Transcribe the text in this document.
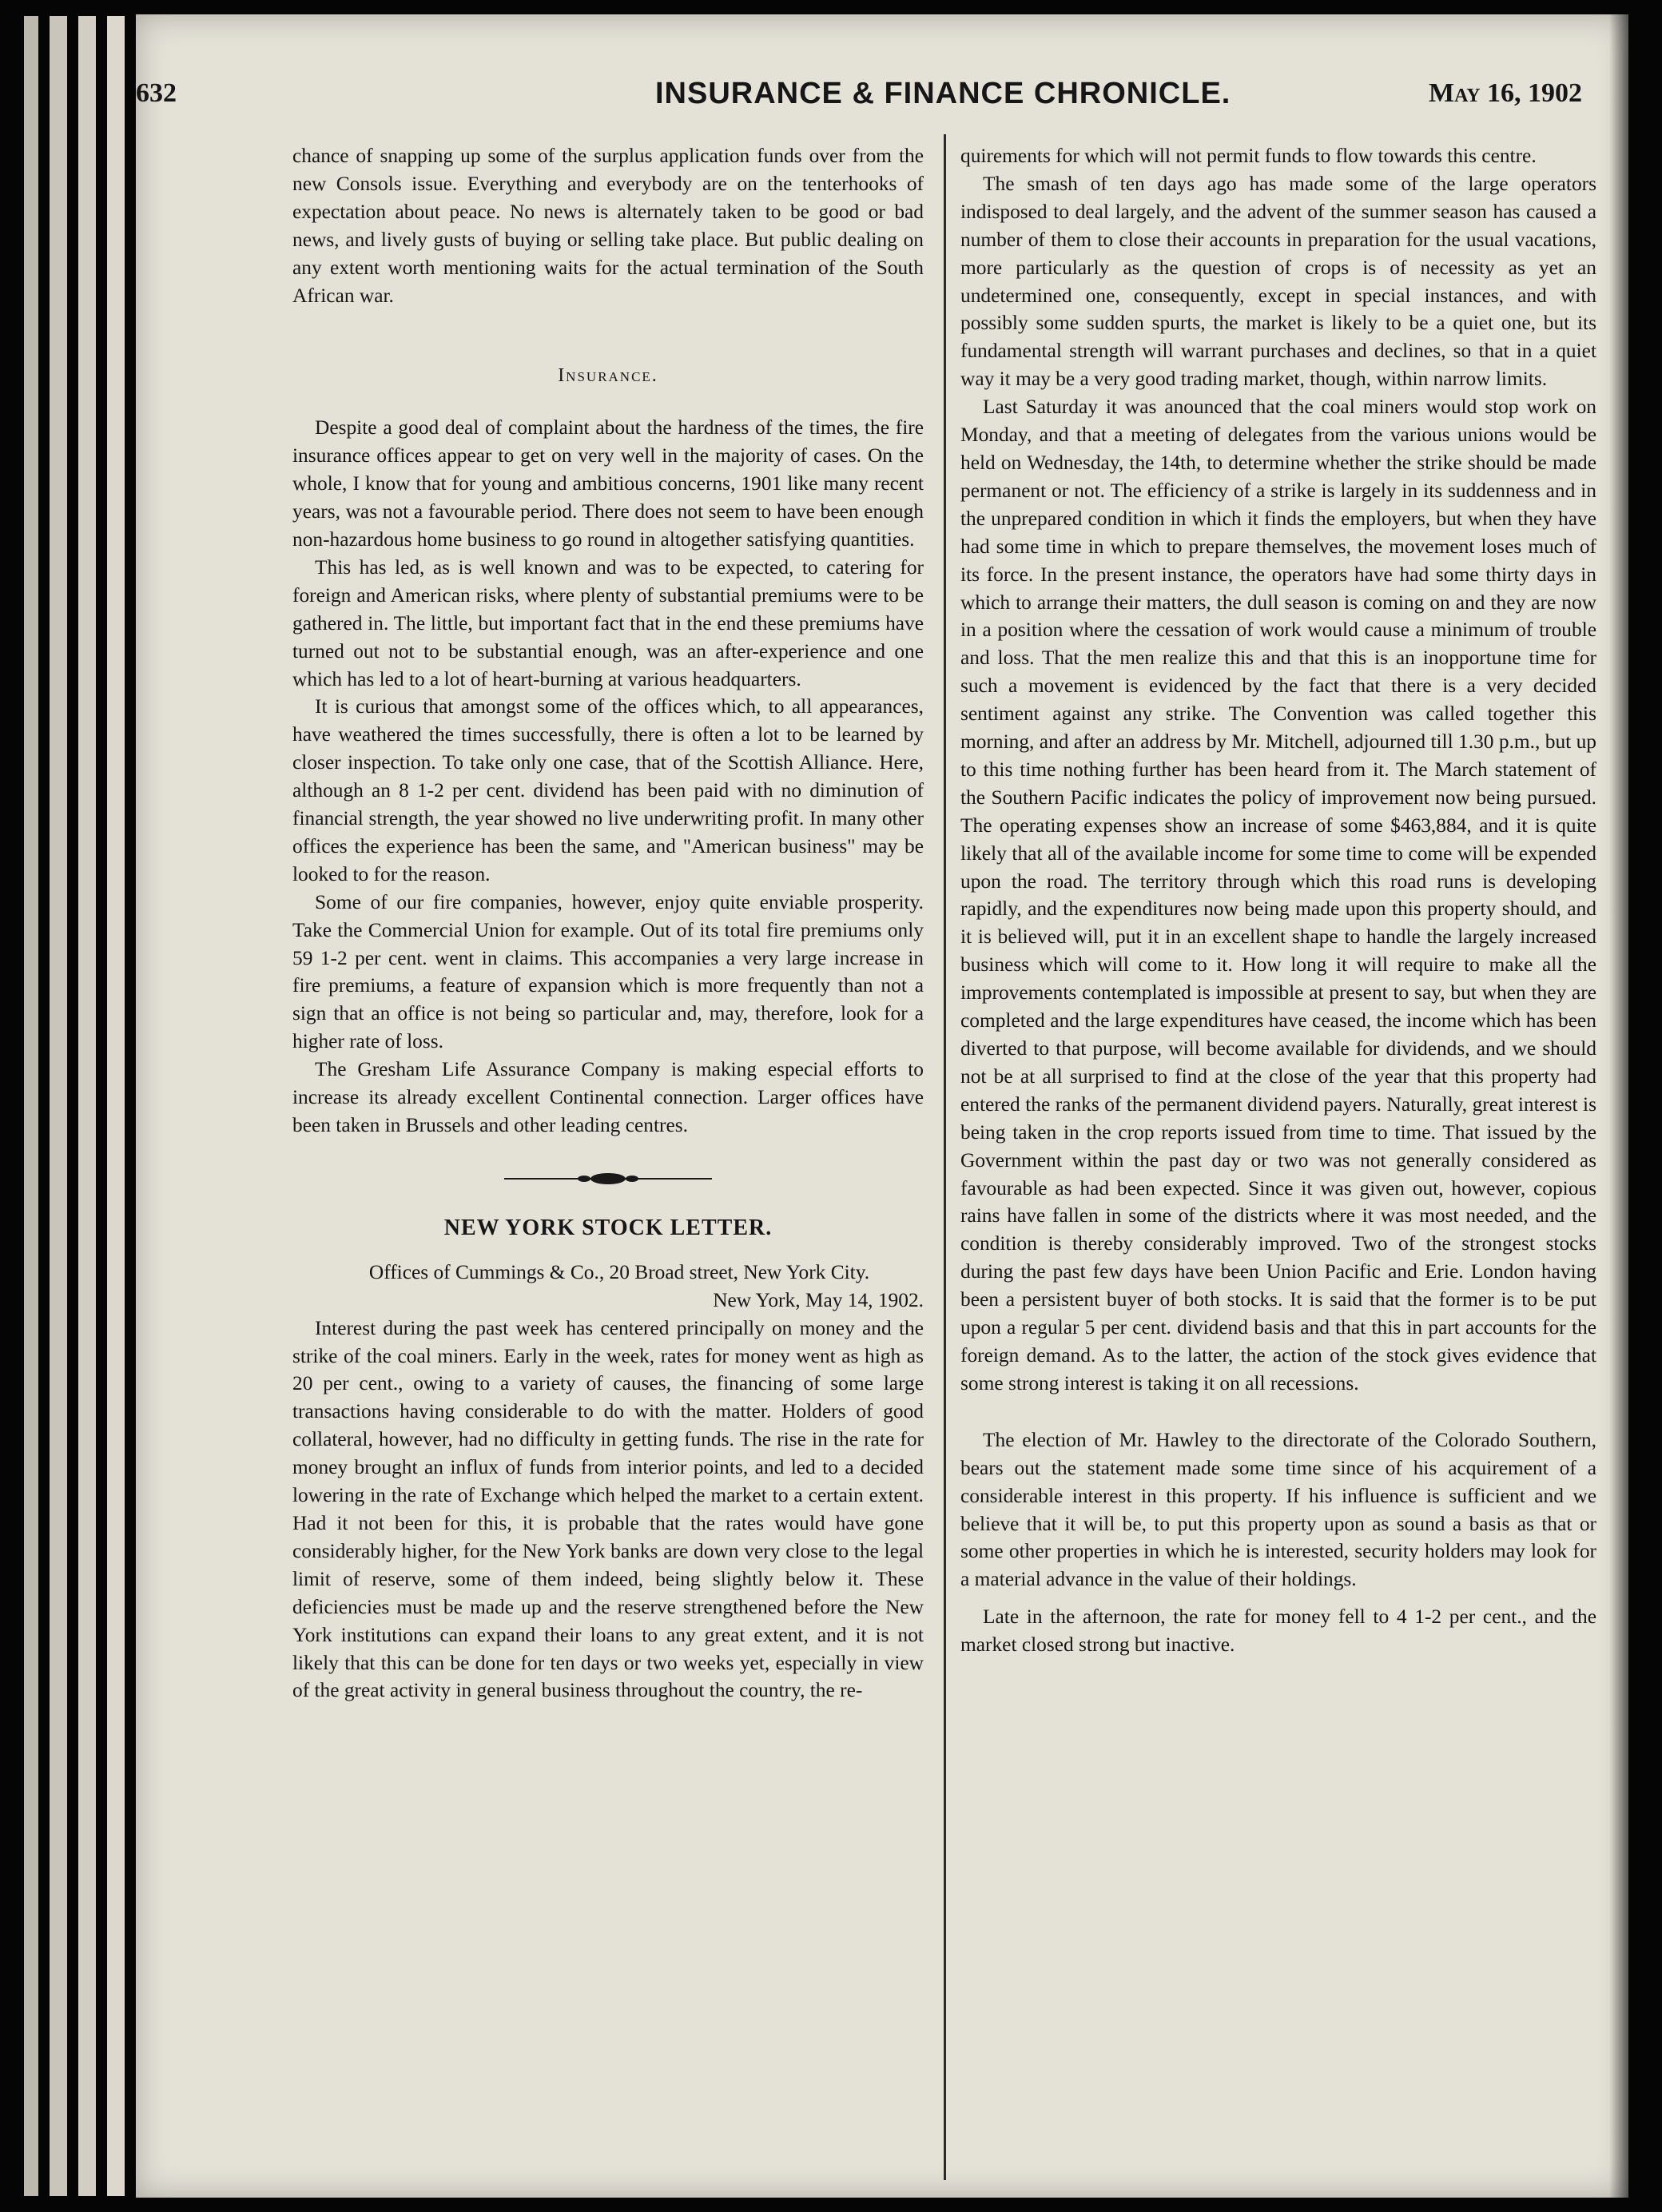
632	INSURANCE & FINANCE CHRONICLE.	May 16, 1902

chance of snapping up some of the surplus application funds over from the new Consols issue. Everything and everybody are on the tenterhooks of expectation about peace. No news is alternately taken to be good or bad news, and lively gusts of buying or selling take place. But public dealing on any extent worth mentioning waits for the actual termination of the South African war.

Insurance.

Despite a good deal of complaint about the hardness of the times, the fire insurance offices appear to get on very well in the majority of cases. On the whole, I know that for young and ambitious concerns, 1901 like many recent years, was not a favourable period. There does not seem to have been enough non-hazardous home business to go round in altogether satisfying quantities.

This has led, as is well known and was to be expected, to catering for foreign and American risks, where plenty of substantial premiums were to be gathered in. The little, but important fact that in the end these premiums have turned out not to be substantial enough, was an after-experience and one which has led to a lot of heart-burning at various headquarters.

It is curious that amongst some of the offices which, to all appearances, have weathered the times successfully, there is often a lot to be learned by closer inspection. To take only one case, that of the Scottish Alliance. Here, although an 8 1-2 per cent. dividend has been paid with no diminution of financial strength, the year showed no live underwriting profit. In many other offices the experience has been the same, and "American business" may be looked to for the reason.

Some of our fire companies, however, enjoy quite enviable prosperity. Take the Commercial Union for example. Out of its total fire premiums only 59 1-2 per cent. went in claims. This accompanies a very large increase in fire premiums, a feature of expansion which is more frequently than not a sign that an office is not being so particular and, may, therefore, look for a higher rate of loss.

The Gresham Life Assurance Company is making especial efforts to increase its already excellent Continental connection. Larger offices have been taken in Brussels and other leading centres.

NEW YORK STOCK LETTER.

Offices of Cummings & Co., 20 Broad street, New York City.

New York, May 14, 1902.

Interest during the past week has centered principally on money and the strike of the coal miners. Early in the week, rates for money went as high as 20 per cent., owing to a variety of causes, the financing of some large transactions having considerable to do with the matter. Holders of good collateral, however, had no difficulty in getting funds. The rise in the rate for money brought an influx of funds from interior points, and led to a decided lowering in the rate of Exchange which helped the market to a certain extent. Had it not been for this, it is probable that the rates would have gone considerably higher, for the New York banks are down very close to the legal limit of reserve, some of them indeed, being slightly below it. These deficiencies must be made up and the reserve strengthened before the New York institutions can expand their loans to any great extent, and it is not likely that this can be done for ten days or two weeks yet, especially in view of the great activity in general business throughout the country, the re-

quirements for which will not permit funds to flow towards this centre.

The smash of ten days ago has made some of the large operators indisposed to deal largely, and the advent of the summer season has caused a number of them to close their accounts in preparation for the usual vacations, more particularly as the question of crops is of necessity as yet an undetermined one, consequently, except in special instances, and with possibly some sudden spurts, the market is likely to be a quiet one, but its fundamental strength will warrant purchases and declines, so that in a quiet way it may be a very good trading market, though, within narrow limits.

Last Saturday it was anounced that the coal miners would stop work on Monday, and that a meeting of delegates from the various unions would be held on Wednesday, the 14th, to determine whether the strike should be made permanent or not. The efficiency of a strike is largely in its suddenness and in the unprepared condition in which it finds the employers, but when they have had some time in which to prepare themselves, the movement loses much of its force. In the present instance, the operators have had some thirty days in which to arrange their matters, the dull season is coming on and they are now in a position where the cessation of work would cause a minimum of trouble and loss. That the men realize this and that this is an inopportune time for such a movement is evidenced by the fact that there is a very decided sentiment against any strike. The Convention was called together this morning, and after an address by Mr. Mitchell, adjourned till 1.30 p.m., but up to this time nothing further has been heard from it. The March statement of the Southern Pacific indicates the policy of improvement now being pursued. The operating expenses show an increase of some $463,884, and it is quite likely that all of the available income for some time to come will be expended upon the road. The territory through which this road runs is developing rapidly, and the expenditures now being made upon this property should, and it is believed will, put it in an excellent shape to handle the largely increased business which will come to it. How long it will require to make all the improvements contemplated is impossible at present to say, but when they are completed and the large expenditures have ceased, the income which has been diverted to that purpose, will become available for dividends, and we should not be at all surprised to find at the close of the year that this property had entered the ranks of the permanent dividend payers. Naturally, great interest is being taken in the crop reports issued from time to time. That issued by the Government within the past day or two was not generally considered as favourable as had been expected. Since it was given out, however, copious rains have fallen in some of the districts where it was most needed, and the condition is thereby considerably improved. Two of the strongest stocks during the past few days have been Union Pacific and Erie. London having been a persistent buyer of both stocks. It is said that the former is to be put upon a regular 5 per cent. dividend basis and that this in part accounts for the foreign demand. As to the latter, the action of the stock gives evidence that some strong interest is taking it on all recessions.

The election of Mr. Hawley to the directorate of the Colorado Southern, bears out the statement made some time since of his acquirement of a considerable interest in this property. If his influence is sufficient and we believe that it will be, to put this property upon as sound a basis as that or some other properties in which he is interested, security holders may look for a material advance in the value of their holdings.

Late in the afternoon, the rate for money fell to 4 1-2 per cent., and the market closed strong but inactive.
